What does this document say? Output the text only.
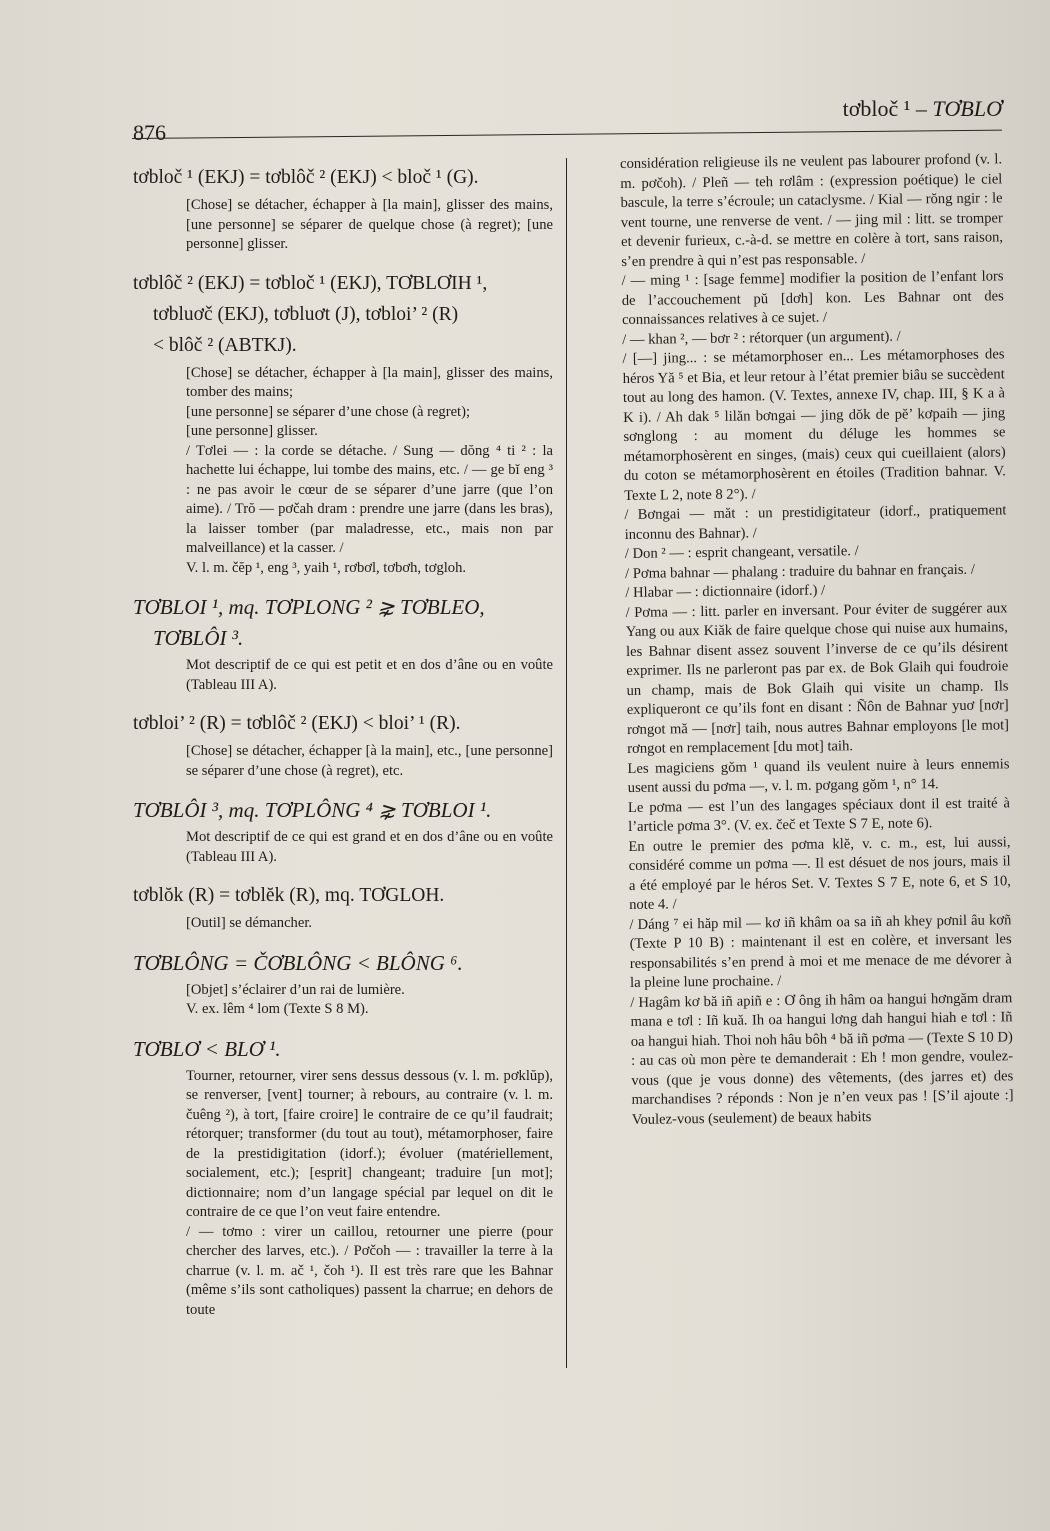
876
tơbloč ¹ – TƠBLƠ
tơbloč ¹ (EKJ) = tơblôč ² (EKJ) < bloč ¹ (G).
[Chose] se détacher, échapper à [la main], glisser des mains, [une personne] se séparer de quelque chose (à regret); [une personne] glisser.
tơblôč ² (EKJ) = tơbloč ¹ (EKJ), TƠBLƠIH ¹,
tơbluơč (EKJ), tơbluơt (J), tơbloi’ ² (R)
< blôč ² (ABTKJ).
[Chose] se détacher, échapper à [la main], glisser des mains, tomber des mains;
[une personne] se séparer d’une chose (à regret);
[une personne] glisser.
/ Tơlei — : la corde se détache. / Sung — dŏng ⁴ ti ² : la hachette lui échappe, lui tombe des mains, etc. / — ge bĭ eng ³ : ne pas avoir le cœur de se séparer d’une jarre (que l’on aime). / Trŏ — pơčah dram : prendre une jarre (dans les bras), la laisser tomber (par maladresse, etc., mais non par malveillance) et la casser. /
V. l. m. čĕp ¹, eng ³, yaih ¹, rơbơl, tơbơh, tơgloh.
TƠBLOI ¹, mq. TƠPLONG ² ⋧ TƠBLEO,
TƠBLÔI ³.
Mot descriptif de ce qui est petit et en dos d’âne ou en voûte (Tableau III A).
tơbloi’ ² (R) = tơblôč ² (EKJ) < bloi’ ¹ (R).
[Chose] se détacher, échapper [à la main], etc., [une personne] se séparer d’une chose (à regret), etc.
TƠBLÔI ³, mq. TƠPLÔNG ⁴ ⋧ TƠBLOI ¹.
Mot descriptif de ce qui est grand et en dos d’âne ou en voûte (Tableau III A).
tơblŏk (R) = tơblĕk (R), mq. TƠGLOH.
[Outil] se démancher.
TƠBLÔNG = ČƠBLÔNG < BLÔNG ⁶.
[Objet] s’éclairer d’un rai de lumière.
V. ex. lêm ⁴ lom (Texte S 8 M).
TƠBLƠ < BLƠ ¹.
Tourner, retourner, virer sens dessus dessous (v. l. m. pơklŭp), se renverser, [vent] tourner; à rebours, au contraire (v. l. m. čuêng ²), à tort, [faire croire] le contraire de ce qu’il faudrait; rétorquer; transformer (du tout au tout), métamorphoser, faire de la prestidigitation (idorf.); évoluer (matériellement, socialement, etc.); [esprit] changeant; traduire [un mot]; dictionnaire; nom d’un langage spécial par lequel on dit le contraire de ce que l’on veut faire entendre.
/ — tơmo : virer un caillou, retourner une pierre (pour chercher des larves, etc.). / Pơčoh — : travailler la terre à la charrue (v. l. m. ač ¹, čoh ¹). Il est très rare que les Bahnar (même s’ils sont catholiques) passent la charrue; en dehors de toute

considération religieuse ils ne veulent pas labourer profond (v. l. m. pơčoh). / Pleñ — teh rơlâm : (expression poétique) le ciel bascule, la terre s’écroule; un cataclysme. / Kial — rŏng ngir : le vent tourne, une renverse de vent. / — jing mil : litt. se tromper et devenir furieux, c.-à-d. se mettre en colère à tort, sans raison, s’en prendre à qui n’est pas responsable. /

/ — ming ¹ : [sage femme] modifier la position de l’enfant lors de l’accouchement pŭ [dơh] kon. Les Bahnar ont des connaissances relatives à ce sujet. /

/ — khan ², — bơr ² : rétorquer (un argument). /

/ [—] jing... : se métamorphoser en... Les métamorphoses des héros Yă ⁵ et Bia, et leur retour à l’état premier biâu se succèdent tout au long des hamon. (V. Textes, annexe IV, chap. III, § K a à K i). / Ah dak ⁵ lilăn bơngai — jing dŏk de pĕ’ kơpaih — jing sơnglong : au moment du déluge les hommes se métamorphosèrent en singes, (mais) ceux qui cueillaient (alors) du coton se métamorphosèrent en étoiles (Tradition bahnar. V. Texte L 2, note 8 2°). /

/ Bơngai — măt : un prestidigitateur (idorf., pratiquement inconnu des Bahnar). /

/ Don ² — : esprit changeant, versatile. /

/ Pơma bahnar — phalang : traduire du bahnar en français. /

/ Hlabar — : dictionnaire (idorf.) /

/ Pơma — : litt. parler en inversant. Pour éviter de suggérer aux Yang ou aux Kiăk de faire quelque chose qui nuise aux humains, les Bahnar disent assez souvent l’inverse de ce qu’ils désirent exprimer. Ils ne parleront pas par ex. de Bok Glaih qui foudroie un champ, mais de Bok Glaih qui visite un champ. Ils expliqueront ce qu’ils font en disant : Ñôn de Bahnar yuơ [nơr] rơngot mă — [nơr] taih, nous autres Bahnar employons [le mot] rơngot en remplacement [du mot] taih.

Les magiciens gŏm ¹ quand ils veulent nuire à leurs ennemis usent aussi du pơma —, v. l. m. pơgang gŏm ¹, n° 14.

Le pơma — est l’un des langages spéciaux dont il est traité à l’article pơma 3°. (V. ex. čeč et Texte S 7 E, note 6).

En outre le premier des pơma klĕ, v. c. m., est, lui aussi, considéré comme un pơma —. Il est désuet de nos jours, mais il a été employé par le héros Set. V. Textes S 7 E, note 6, et S 10, note 4. /

/ Dáng ⁷ ei hăp mil — kơ iñ khâm oa sa iñ ah khey pơnil âu kơñ (Texte P 10 B) : maintenant il est en colère, et inversant les responsabilités s’en prend à moi et me menace de me dévorer à la pleine lune prochaine. /

/ Hagâm kơ bă iñ apiñ e : Ơ ông ih hâm oa hangui hơngăm dram mana e tơl : Iñ kuă. Ih oa hangui lơng dah hangui hiah e tơl : Iñ oa hangui hiah. Thoi noh hâu bôh ⁴ bă iñ pơma — (Texte S 10 D) : au cas où mon père te demanderait : Eh ! mon gendre, voulez-vous (que je vous donne) des vêtements, (des jarres et) des marchandises ? réponds : Non je n’en veux pas ! [S’il ajoute :] Voulez-vous (seulement) de beaux habits
